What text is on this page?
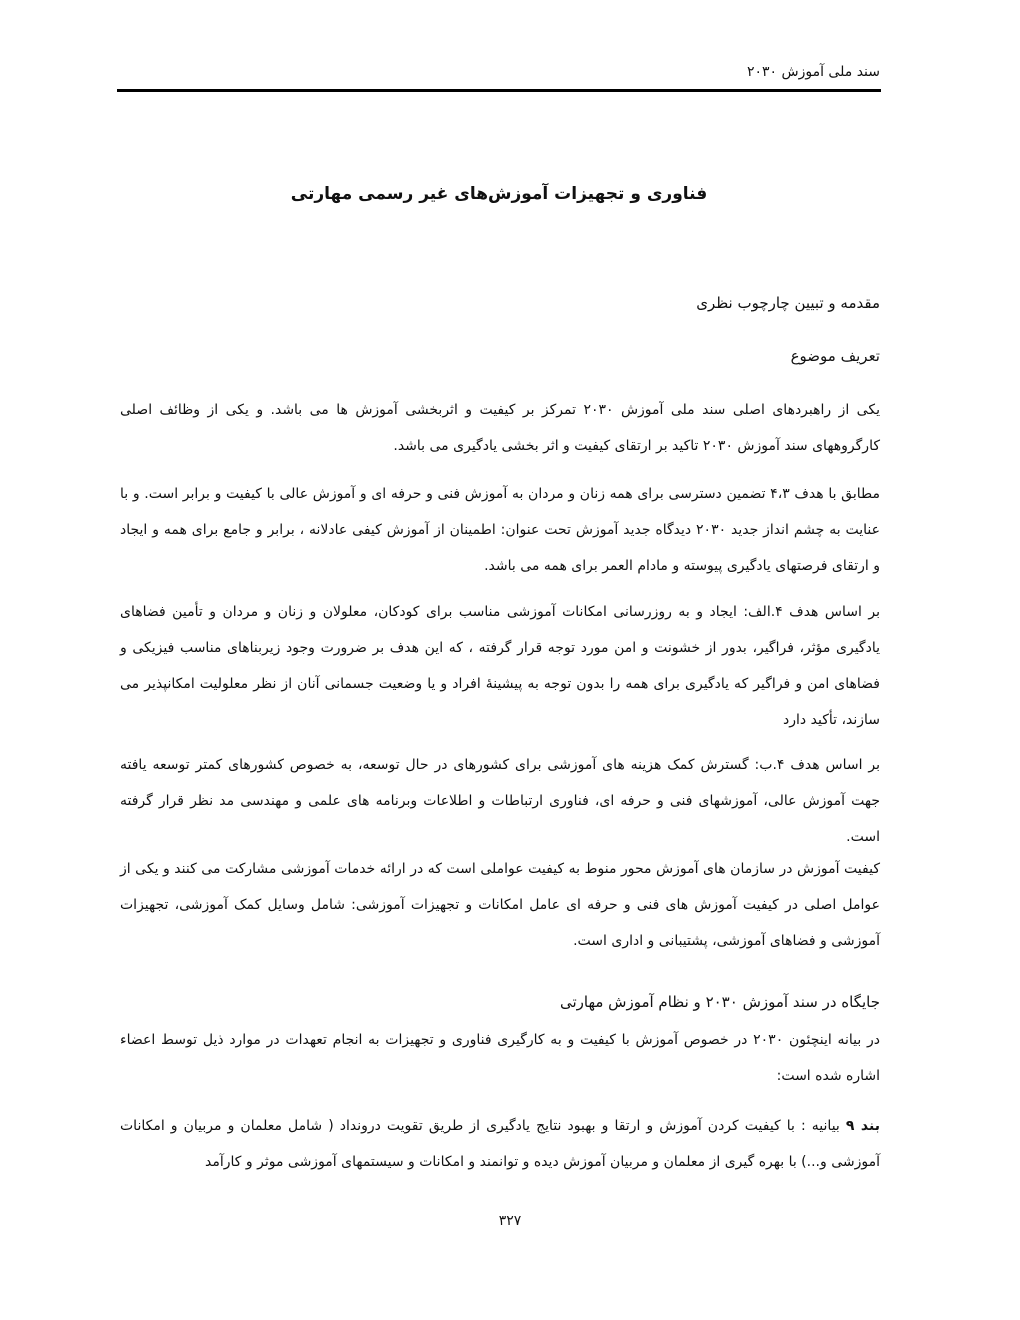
سند ملی آموزش ۲۰۳۰
فناوری و تجهیزات آموزش‌های غیر رسمی مهارتی
مقدمه و تبیین چارچوب نظری
تعریف موضوع
یکی از راهبردهای اصلی سند ملی آموزش ۲۰۳۰ تمرکز بر کیفیت و اثربخشی آموزش ها می باشد. و یکی از وظائف اصلی کارگروههای سند آموزش ۲۰۳۰ تاکید بر ارتقای کیفیت و اثر بخشی یادگیری می باشد.
مطابق با هدف ۴،۳ تضمین دسترسی برای همه زنان و مردان به آموزش فنی و حرفه ای و آموزش عالی با کیفیت و برابر است. و با عنایت به چشم انداز جدید ۲۰۳۰ دیدگاه جدید آموزش تحت عنوان: اطمینان از آموزش کیفی عادلانه ، برابر و جامع برای همه و ایجاد و ارتقای فرصتهای یادگیری پیوسته و مادام العمر برای همه می باشد.
بر اساس هدف ۴.الف: ایجاد و به روزرسانی امکانات آموزشی مناسب برای کودکان، معلولان و زنان و مردان و تأمین فضاهای یادگیری مؤثر، فراگیر، بدور از خشونت و امن مورد توجه قرار گرفته ، که این هدف بر ضرورت وجود زیربناهای مناسب فیزیکی و فضاهای امن و فراگیر که یادگیری برای همه را بدون توجه به پیشینهٔ افراد و یا وضعیت جسمانی آنان از نظر معلولیت امکانپذیر می سازند، تأکید دارد
بر اساس هدف ۴.ب: گسترش کمک هزینه های آموزشی برای کشورهای در حال توسعه، به خصوص کشورهای کمتر توسعه یافته جهت آموزش عالی، آموزشهای فنی و حرفه ای، فناوری ارتباطات و اطلاعات وبرنامه های علمی و مهندسی مد نظر قرار گرفته است.
کیفیت آموزش در سازمان های آموزش محور منوط به کیفیت عواملی است که در ارائه خدمات آموزشی مشارکت می کنند و یکی از عوامل اصلی در کیفیت آموزش های فنی و حرفه ای عامل امکانات و تجهیزات آموزشی: شامل وسایل کمک آموزشی، تجهیزات آموزشی و فضاهای آموزشی، پشتیبانی و اداری است.
جایگاه در سند آموزش ۲۰۳۰ و نظام آموزش مهارتی
در بیانه اینچئون ۲۰۳۰ در خصوص آموزش با کیفیت و به کارگیری فناوری و تجهیزات به انجام تعهدات در موارد ذیل توسط اعضاء اشاره شده است:
بند ۹ بیانیه : با کیفیت کردن آموزش و ارتقا و بهبود نتایج یادگیری از طریق تقویت درونداد ( شامل معلمان و مربیان و امکانات آموزشی و...) با بهره گیری از معلمان و مربیان آموزش دیده و توانمند و امکانات و سیستمهای آموزشی موثر و کارآمد
۳۲۷
